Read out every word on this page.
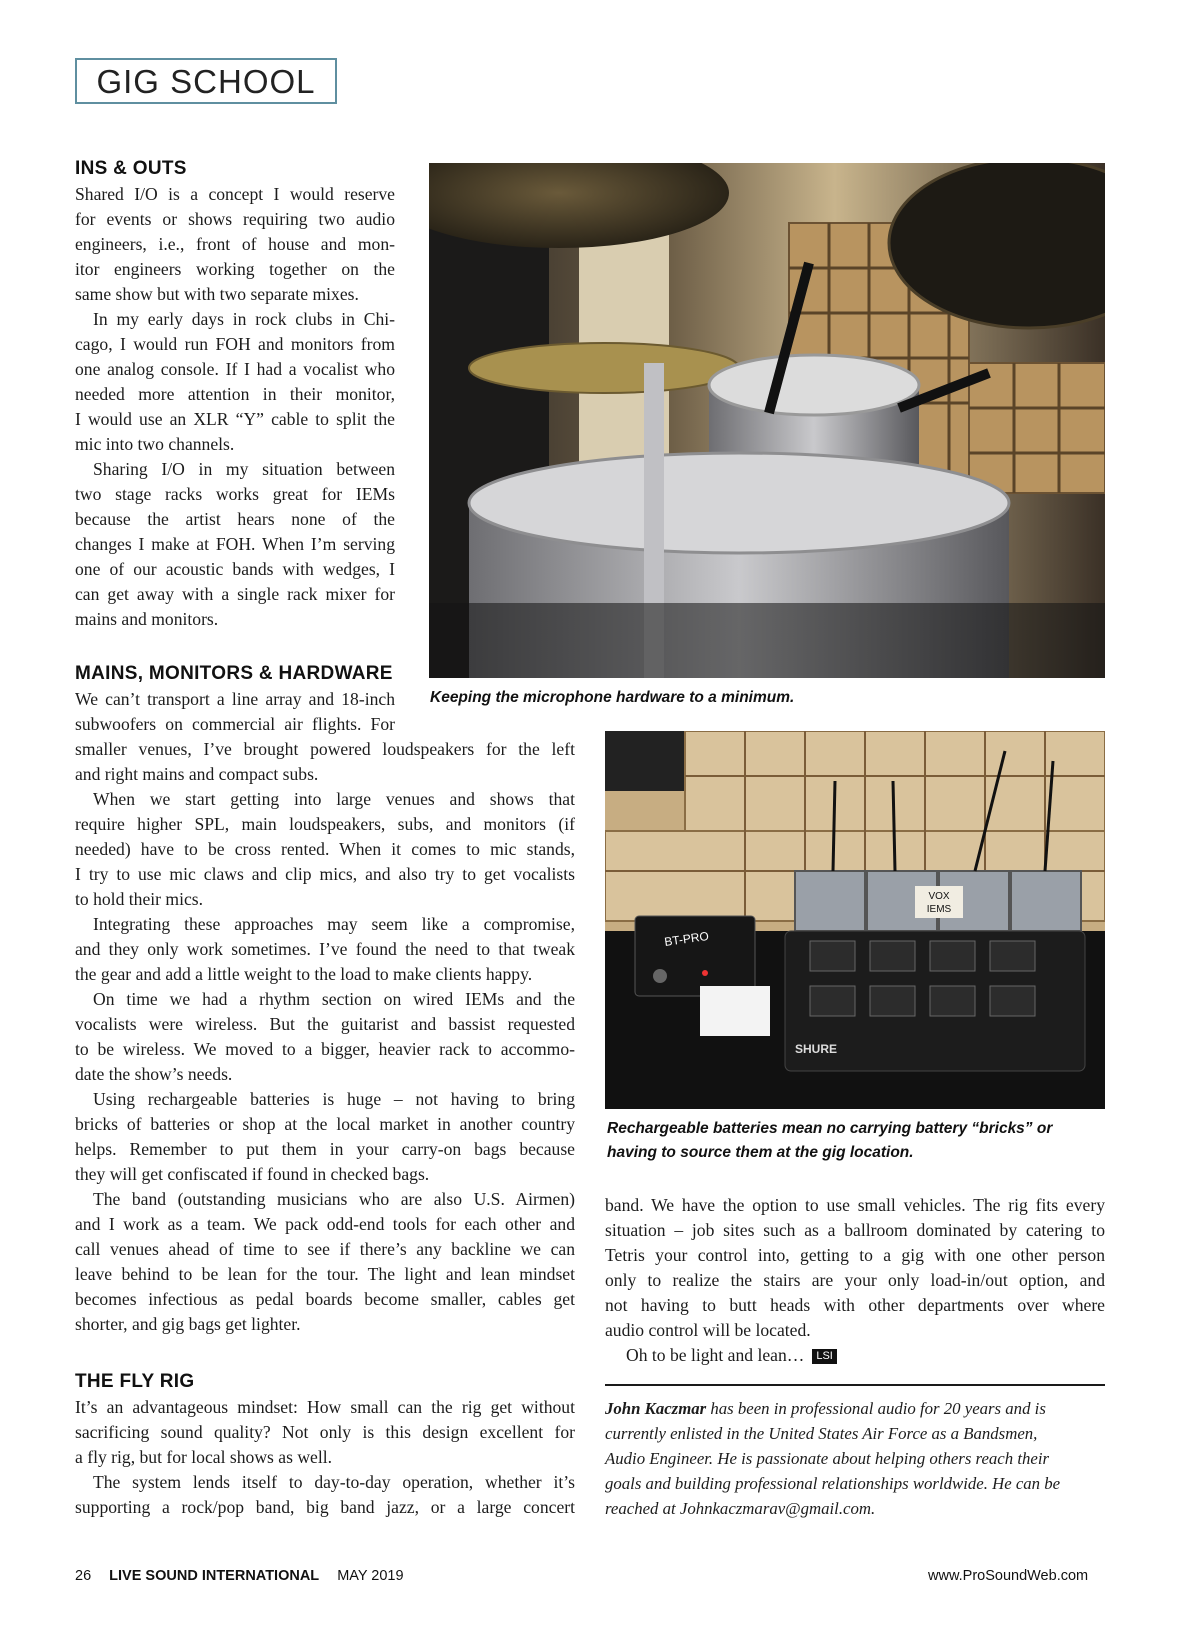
GIG SCHOOL
INS & OUTS
Shared I/O is a concept I would reserve
for events or shows requiring two audio
engineers, i.e., front of house and mon-
itor engineers working together on the
same show but with two separate mixes.
In my early days in rock clubs in Chi-
cago, I would run FOH and monitors from
one analog console. If I had a vocalist who
needed more attention in their monitor,
I would use an XLR “Y” cable to split the
mic into two channels.
Sharing I/O in my situation between
two stage racks works great for IEMs
because the artist hears none of the
changes I make at FOH. When I’m serving
one of our acoustic bands with wedges, I
can get away with a single rack mixer for
mains and monitors.
MAINS, MONITORS & HARDWARE
We can’t transport a line array and 18-inch
subwoofers on commercial air flights. For
smaller venues, I’ve brought powered loudspeakers for the left
and right mains and compact subs.
When we start getting into large venues and shows that
require higher SPL, main loudspeakers, subs, and monitors (if
needed) have to be cross rented. When it comes to mic stands,
I try to use mic claws and clip mics, and also try to get vocalists
to hold their mics.
Integrating these approaches may seem like a compromise,
and they only work sometimes. I’ve found the need to that tweak
the gear and add a little weight to the load to make clients happy.
On time we had a rhythm section on wired IEMs and the
vocalists were wireless. But the guitarist and bassist requested
to be wireless. We moved to a bigger, heavier rack to accommo-
date the show’s needs.
Using rechargeable batteries is huge – not having to bring
bricks of batteries or shop at the local market in another country
helps. Remember to put them in your carry-on bags because
they will get confiscated if found in checked bags.
The band (outstanding musicians who are also U.S. Airmen)
and I work as a team. We pack odd-end tools for each other and
call venues ahead of time to see if there’s any backline we can
leave behind to be lean for the tour. The light and lean mindset
becomes infectious as pedal boards become smaller, cables get
shorter, and gig bags get lighter.
THE FLY RIG
It’s an advantageous mindset: How small can the rig get without
sacrificing sound quality? Not only is this design excellent for
a fly rig, but for local shows as well.
The system lends itself to day-to-day operation, whether it’s
supporting a rock/pop band, big band jazz, or a large concert
Keeping the microphone hardware to a minimum.
VOX
IEMS
SHURE
BT-PRO
Rechargeable batteries mean no carrying battery “bricks” or
having to source them at the gig location.
band. We have the option to use small vehicles. The rig fits every
situation – job sites such as a ballroom dominated by catering to
Tetris your control into, getting to a gig with one other person
only to realize the stairs are your only load-in/out option, and
not having to butt heads with other departments over where
audio control will be located.
Oh to be light and lean… LSI
John Kaczmar has been in professional audio for 20 years and is
currently enlisted in the United States Air Force as a Bandsmen,
Audio Engineer. He is passionate about helping others reach their
goals and building professional relationships worldwide. He can be
reached at Johnkaczmarav@gmail.com.
26 LIVE SOUND INTERNATIONAL MAY 2019	www.ProSoundWeb.com
